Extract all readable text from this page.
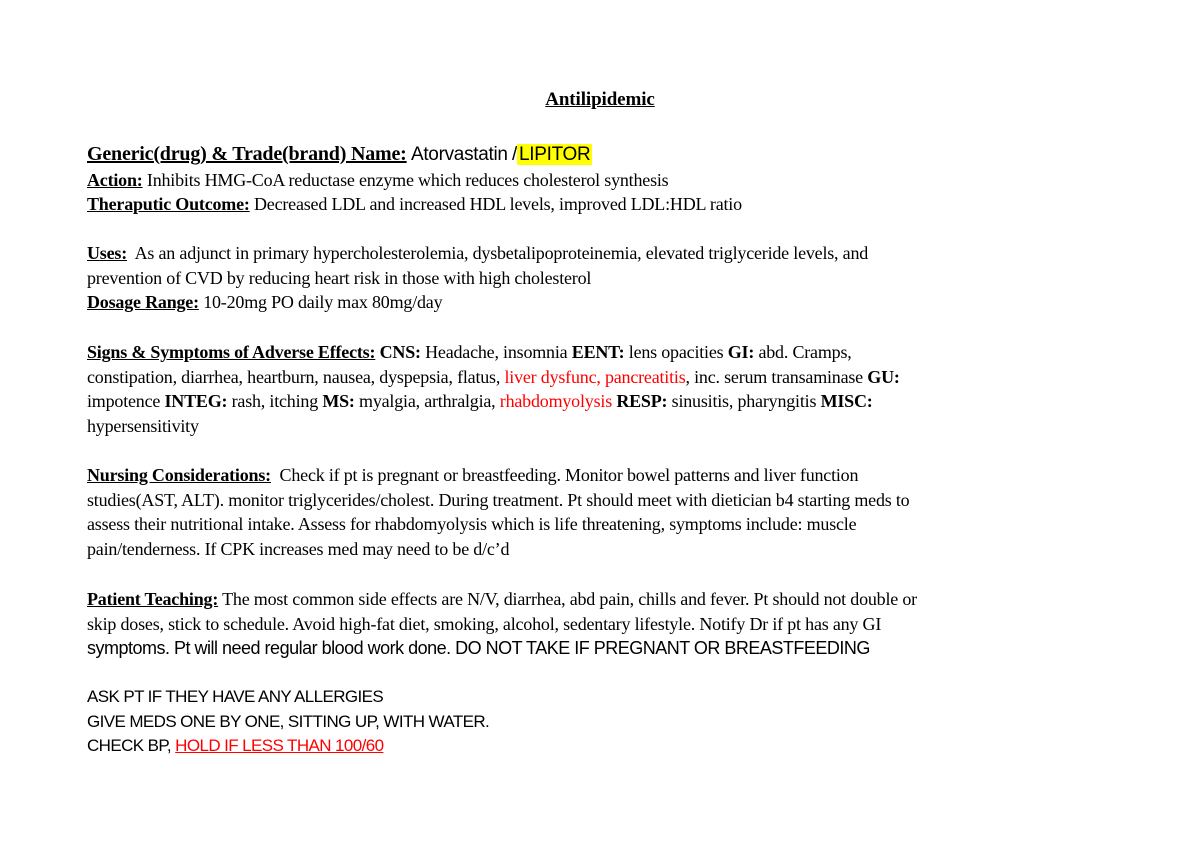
Antilipidemic
Generic(drug) & Trade(brand) Name: Atorvastatin / LIPITOR
Action: Inhibits HMG-CoA reductase enzyme which reduces cholesterol synthesis
Theraputic Outcome: Decreased LDL and increased HDL levels, improved LDL:HDL ratio
Uses: As an adjunct in primary hypercholesterolemia, dysbetalipoproteinemia, elevated triglyceride levels, and
prevention of CVD by reducing heart risk in those with high cholesterol
Dosage Range: 10-20mg PO daily max 80mg/day
Signs & Symptoms of Adverse Effects: CNS: Headache, insomnia EENT: lens opacities GI: abd. Cramps,
constipation, diarrhea, heartburn, nausea, dyspepsia, flatus, liver dysfunc, pancreatitis, inc. serum transaminase GU:
impotence INTEG: rash, itching MS: myalgia, arthralgia, rhabdomyolysis RESP: sinusitis, pharyngitis MISC:
hypersensitivity
Nursing Considerations: Check if pt is pregnant or breastfeeding. Monitor bowel patterns and liver function
studies(AST, ALT). monitor triglycerides/cholest. During treatment. Pt should meet with dietician b4 starting meds to
assess their nutritional intake. Assess for rhabdomyolysis which is life threatening, symptoms include: muscle
pain/tenderness. If CPK increases med may need to be d/c’d
Patient Teaching: The most common side effects are N/V, diarrhea, abd pain, chills and fever. Pt should not double or
skip doses, stick to schedule. Avoid high-fat diet, smoking, alcohol, sedentary lifestyle. Notify Dr if pt has any GI
symptoms. Pt will need regular blood work done. DO NOT TAKE IF PREGNANT OR BREASTFEEDING
ASK PT IF THEY HAVE ANY ALLERGIES
GIVE MEDS ONE BY ONE, SITTING UP, WITH WATER.
CHECK BP, HOLD IF LESS THAN 100/60
